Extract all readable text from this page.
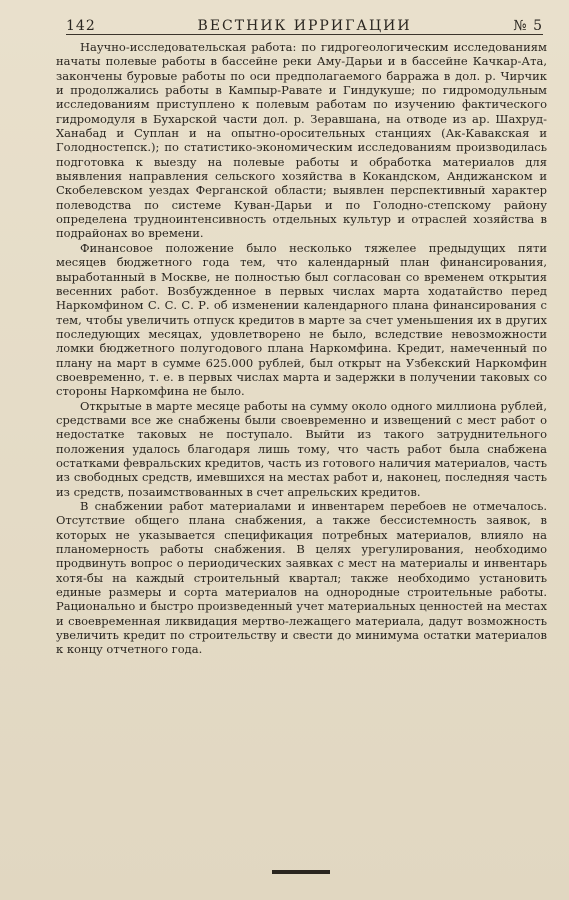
142	ВЕСТНИК ИРРИГАЦИИ	№ 5

Научно-исследовательская работа: по гидрогеологическим исследованиям начаты полевые работы в бассейне реки Аму-Дарьи и в бассейне Качкар-Ата, закончены буровые работы по оси предполагаемого барража в дол. р. Чирчик и продолжались работы в Кампыр-Равате и Гиндукуше; по гидромодульным исследованиям приступлено к полевым работам по изучению фактического гидромодуля в Бухарской части дол. р. Зеравшана, на отводе из ар. Шахруд-Ханабад и Суплан и на опытно-оросительных станциях (Ак-Кавакская и Голодностепск.); по статистико-экономическим исследованиям производилась подготовка к выезду на полевые работы и обработка материалов для выявления направления сельского хозяйства в Кокандском, Андижанском и Скобелевском уездах Ферганской области; выявлен перспективный характер полеводства по системе Куван-Дарьи и по Голодно-степскому району определена трудноинтенсивность отдельных культур и отраслей хозяйства в подрайонах во времени.

Финансовое положение было несколько тяжелее предыдущих пяти месяцев бюджетного года тем, что календарный план финансирования, выработанный в Москве, не полностью был согласован со временем открытия весенних работ. Возбужденное в первых числах марта ходатайство перед Наркомфином С. С. С. Р. об изменении календарного плана финансирования с тем, чтобы увеличить отпуск кредитов в марте за счет уменьшения их в других последующих месяцах, удовлетворено не было, вследствие невозможности ломки бюджетного полугодового плана Наркомфина. Кредит, намеченный по плану на март в сумме 625.000 рублей, был открыт на Узбекский Наркомфин своевременно, т. е. в первых числах марта и задержки в получении таковых со стороны Наркомфина не было.

Открытые в марте месяце работы на сумму около одного миллиона рублей, средствами все же снабжены были своевременно и извещений с мест работ о недостатке таковых не поступало. Выйти из такого затруднительного положения удалось благодаря лишь тому, что часть работ была снабжена остатками февральских кредитов, часть из готового наличия материалов, часть из свободных средств, имевшихся на местах работ и, наконец, последняя часть из средств, позаимствованных в счет апрельских кредитов.

В снабжении работ материалами и инвентарем перебоев не отмечалось. Отсутствие общего плана снабжения, а также бессистемность заявок, в которых не указывается спецификация потребных материалов, влияло на планомерность работы снабжения. В целях урегулирования, необходимо продвинуть вопрос о периодических заявках с мест на материалы и инвентарь хотя-бы на каждый строительный квартал; также необходимо установить единые размеры и сорта материалов на однородные строительные работы. Рационально и быстро произведенный учет материальных ценностей на местах и своевременная ликвидация мертво-лежащего материала, дадут возможность увеличить кредит по строительству и свести до минимума остатки материалов к концу отчетного года.
